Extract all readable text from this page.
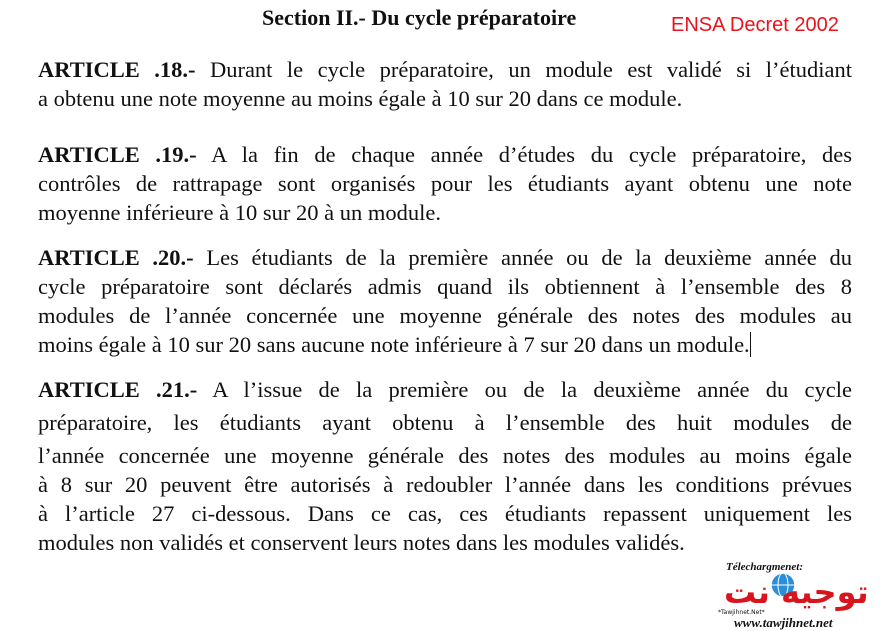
Section II.- Du cycle préparatoire	ENSA Decret 2002
ARTICLE .18.- Durant le cycle préparatoire, un module est validé si l’étudiant
a obtenu une note moyenne au moins égale à 10 sur 20 dans ce module.
ARTICLE .19.- A la fin de chaque année d’études du cycle préparatoire, des
contrôles de rattrapage sont organisés pour les étudiants ayant obtenu une note
moyenne inférieure à 10 sur 20 à un module.
ARTICLE .20.- Les étudiants de la première année ou de la deuxième année du
cycle préparatoire sont déclarés admis quand ils obtiennent à l’ensemble des 8
modules de l’année concernée une moyenne générale des notes des modules au
moins égale à 10 sur 20 sans aucune note inférieure à 7 sur 20 dans un module.
ARTICLE .21.- A l’issue de la première ou de la deuxième année du cycle
préparatoire, les étudiants ayant obtenu à l’ensemble des huit modules de
l’année concernée une moyenne générale des notes des modules au moins égale
à 8 sur 20 peuvent être autorisés à redoubler l’année dans les conditions prévues
à l’article 27 ci-dessous. Dans ce cas, ces étudiants repassent uniquement les
modules non validés et conservent leurs notes dans les modules validés.
Télechargmenet:
توجيه نت
*Tawjihnet.Net*
www.tawjihnet.net
